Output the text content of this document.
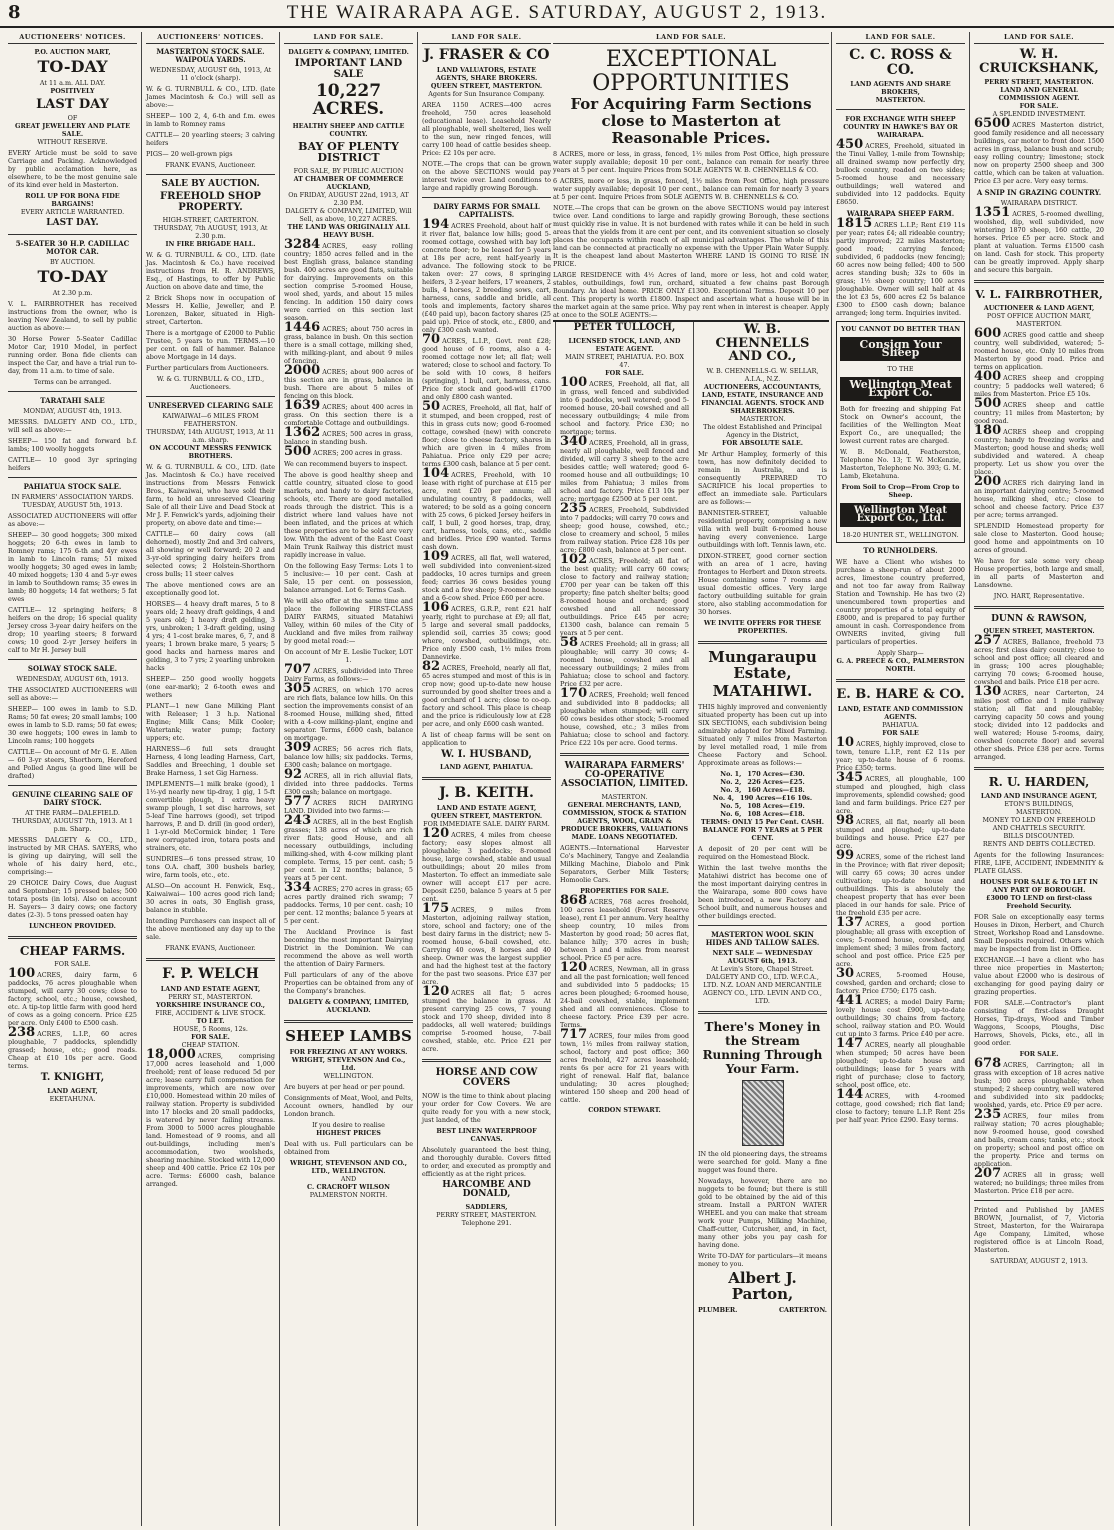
8	THE WAIRARAPA AGE. SATURDAY, AUGUST 2, 1913.
AUCTIONEERS' NOTICES.
P.O. AUCTION MART,
TO-DAY
At 11 a.m. ALL DAY.
POSITIVELY
LAST DAY
OF
GREAT JEWELLERY AND PLATE SALE.
WITHOUT RESERVE.
EVERY Article must be sold to save Carriage and Packing. Acknowledged by public acclamation here, as elsewhere, to be the most genuine sale of its kind ever held in Masterton.
ROLL UP FOR BONA FIDE BARGAINS!
EVERY ARTICLE WARRANTED.
LAST DAY.
5-SEATER 30 H.P. CADILLAC MOTOR CAR.
BY AUCTION.
TO-DAY
At 2.30 p.m.
V. L. FAIRBROTHER has received instructions from the owner, who is leaving New Zealand, to sell by public auction as above:—
30 Horse Power 5-Seater Cadillac Motor Car, 1910 Model, in perfect running order. Bona fide clients can inspect the Car, and have a trial run to-day, from 11 a.m. to time of sale.
Terms can be arranged.
TARATAHI SALE
MONDAY, AUGUST 4th, 1913.
MESSRS. DALGETY AND CO., LTD., will sell as above:—
SHEEP— 150 fat and forward b.f. lambs; 100 woolly hoggets
CATTLE— 10 good 3yr springing heifers
PAHIATUA STOCK SALE.
IN FARMERS' ASSOCIATION YARDS.
TUESDAY, AUGUST 5th, 1913.
ASSOCIATED AUCTIONEERS will offer as above:—
SHEEP— 30 good hoggets; 300 mixed hoggets; 20 6-th ewes in lamb to Romney rams; 175 6-th and 4yr ewes in lamb to Lincoln rams; 51 mixed woolly hoggets; 30 aged ewes in lamb; 40 mixed hoggets; 130 4 and 5-yr ewes in lamb to Southdown rams; 35 ewes in lamb; 80 hoggets; 14 fat wethers; 5 fat ewes
CATTLE— 12 springing heifers; 8 heifers on the drop; 16 special quality Jersey cross 3-year dairy heifers on the drop; 10 yearling steers; 8 forward cows; 10 good 2-yr Jersey heifers in calf to Mr H. Jersey bull
SOLWAY STOCK SALE.
WEDNESDAY, AUGUST 6th, 1913.
THE ASSOCIATED AUCTIONEERS will sell as above:—
SHEEP— 100 ewes in lamb to S.D. Rams; 50 fat ewes; 20 small lambs; 100 ewes in lamb to S.D. rams; 50 fat ewes; 30 ewe hoggets; 100 ewes in lamb to Lincoln rams; 100 hoggets
CATTLE— On account of Mr G. E. Allen— 60 3-yr steers, Shorthorn, Hereford and Polled Angus (a good line will be drafted)
GENUINE CLEARING SALE OF DAIRY STOCK.
AT THE FARM—DALEFIELD.
THURSDAY, AUGUST 7th, 1913. At 1 p.m. Sharp.
MESSRS DALGETY & CO., LTD., instructed by MR CHAS. SAYERS, who is giving up dairying, will sell the whole of his dairy herd, etc., comprising:—
29 CHOICE Dairy Cows, due August and September; 15 pressed bales; 500 totara posts (in lots). Also on account H. Sayers— 3 dairy cows; one factory dates (2-3). 5 tons pressed oaten hay
LUNCHEON PROVIDED.
CHEAP FARMS.
FOR SALE.
100 ACRES, dairy farm, 6 paddocks, 76 acres ploughable when stumped, will carry 30 cows; close to factory, school, etc.; house, cowshed, etc. A tip-top little farm with good herd of cows as a going concern. Price £25 per acre. Only £400 to £500 cash.
238 ACRES, L.I.P., 60 acres ploughable, 7 paddocks, splendidly grassed; house, etc.; good roads. Cheap at £10 10s per acre. Good terms.
T. KNIGHT,
LAND AGENT,
EKETAHUNA.
AUCTIONEERS' NOTICES.
MASTERTON STOCK SALE. WAIPOUA YARDS.
WEDNESDAY, AUGUST 6th, 1913, At 11 o'clock (sharp).
W. & G. TURNBULL & CO., LTD. (late James Macintosh & Co.) will sell as above:—
SHEEP— 100 2, 4, 6-th and f.m. ewes in lamb to Romney rams
CATTLE— 20 yearling steers; 3 calving heifers
PIGS— 20 well-grown pigs
FRANK EVANS, Auctioneer.
SALE BY AUCTION.
FREEHOLD SHOP PROPERTY.
HIGH-STREET, CARTERTON.
THURSDAY, 7th AUGUST, 1913, At 2.30 p.m.
IN FIRE BRIGADE HALL.
W. & G. TURNBULL & CO., LTD. (late Jas. Macintosh & Co.) have received instructions from H. R. ANDREWS, Esq., of Hastings, to offer by Public Auction on above date and time, the
2 Brick Shops now in occupation of Messrs H. Kellie, Jeweller, and P. Lorenzen, Baker, situated in High-street, Carterton.
There is a mortgage of £2000 to Public Trustee, 5 years to run. TERMS.—10 per cent. on fall of hammer. Balance above Mortgage in 14 days.
Further particulars from Auctioneers.
W. & G. TURNBULL & CO., LTD., Auctioneers.
UNRESERVED CLEARING SALE
KAIWAIWAI—6 MILES FROM FEATHERSTON.
THURSDAY, 14th AUGUST, 1913, At 11 a.m. sharp.
ON ACCOUNT MESSRS FENWICK BROTHERS.
W. & G. TURNBULL & CO., LTD. (late Jas. Macintosh & Co.) have received instructions from Messrs Fenwick Bros., Kaiwaiwai, who have sold their farm, to hold an unreserved Clearing Sale of all their Live and Dead Stock at Mr J. F. Fenwick's yards, adjoining their property, on above date and time:—
CATTLE— 60 dairy cows (all dehorned), mostly 2nd and 3rd calvers, all showing or well forward; 20 2 and 3-yr-old springing dairy heifers from selected cows; 2 Holstein-Shorthorn cross bulls; 11 steer calves
The above mentioned cows are an exceptionally good lot.
HORSES— 4 heavy draft mares, 5 to 8 years old; 2 heavy draft geldings, 4 and 5 years old; 1 heavy draft gelding, 3 yrs, unbroken; 1 3-draft gelding, using 4 yrs; 4 1-cost brake mares, 6, 7, and 8 years; 1 brown brake mare, 5 years; 5 good hacks and harness mares and gelding, 3 to 7 yrs; 2 yearling unbroken hacks
SHEEP— 250 good woolly hoggets (one ear-mark); 2 6-tooth ewes and wethers
PLANT—1 new Gane Milking Plant with Releaser; 1 3 h.p. National Engine; Milk Cans; Milk Cooler; Watertank; water pump; factory uppers; etc.
HARNESS—6 full sets draught Harness, 4 long leading Harness, Cart, Saddles and Breeching, 1 double set Brake Harness, 1 set Gig Harness.
IMPLEMENTS—1 milk brake (good), 1 1½-yd nearly new tip-dray, 1 gig, 1 5-ft convertible plough, 1 extra heavy swamp plough, 1 set disc harrows, set 5-leaf Tine harrows (good), set tripod harrows, P. and D. drill (in good order), 1 1-yr-old McCormick binder, 1 Tere new corrugated iron, totara posts and strainers, etc.
SUNDRIES—6 tons pressed straw, 10 tons O.A. chaff, 300 bushels barley, wire, farm tools, etc., etc.
ALSO—On account H. Fenwick, Esq., Kaiwaiwai— 100 acres good rich land; 30 acres in oats, 30 English grass, balance in stubble.
Intending Purchasers can inspect all of the above mentioned any day up to the sale.
FRANK EVANS, Auctioneer.
F. P. WELCH
LAND AND ESTATE AGENT,
PERRY ST., MASTERTON.
YORKSHIRE INSURANCE CO.,
FIRE, ACCIDENT & LIVE STOCK.
TO LET.
HOUSE, 5 Rooms, 12s.
FOR SALE.
CHEAP STATION.
18,000 ACRES, comprising 17,000 acres leasehold and 1,000 freehold; rent of lease reduced 5d per acre; lease carry full compensation for improvements, which are now over £10,000. Homestead within 20 miles of railway station. Property is subdivided into 17 blocks and 20 small paddocks, is watered by never failing streams. From 3000 to 5000 acres ploughable land. Homestead of 9 rooms, and all out-buildings, including men's accommodation, two woolsheds, shearing machine. Stocked with 12,000 sheep and 400 cattle. Price £2 10s per acre. Terms: £6000 cash, balance arranged.
LAND FOR SALE.
DALGETY & COMPANY, LIMITED.
IMPORTANT LAND SALE
10,227 ACRES.
HEALTHY SHEEP AND CATTLE COUNTRY.
BAY OF PLENTY DISTRICT
FOR SALE, BY PUBLIC AUCTION
AT CHAMBER OF COMMERCE AUCKLAND,
On FRIDAY, AUGUST 22nd, 1913, AT 2.30 P.M.
DALGETY & COMPANY, LIMITED, Will Sell, as above, 10,227 ACRES.
THE LAND WAS ORIGINALLY ALL HEAVY BUSH.
3284 ACRES, easy rolling country; 1850 acres felled and in the best English grass, balance standing bush. 400 acres are good flats, suitable for dairying. Improvements on this section comprise 5-roomed House, wool shed, yards, and about 15 miles fencing. In addition 150 dairy cows were carried on this section last season.
1446 ACRES; about 750 acres in grass, balance in bush. On this section there is a small cottage, milking shed, with milking-plant, and about 9 miles of fencing.
2000 ACRES; about 900 acres of this section are in grass, balance in bush. There are about 5 miles of fencing on this block.
1639 ACRES; about 400 acres in grass. On this section there is a comfortable Cottage and outbuildings.
1362 ACRES; 500 acres in grass, balance in standing bush.
500 ACRES; 200 acres in grass.
We can recommend buyers to inspect.
The above is good healthy sheep and cattle country, situated close to good markets, and handy to dairy factories, schools, etc. There are good metalled roads through the district. This is a district where land values have not been inflated, and the prices at which these properties are to be sold are very low. With the advent of the East Coast Main Trunk Railway this district must rapidly increase in value.
On the following Easy Terms: Lots 1 to 5 inclusive:— 10 per cent. Cash at Sale, 15 per cent. on possession, balance arranged. Lot 6: Terms Cash.
We will also offer at the same time and place the following FIRST-CLASS DAIRY FARMS, situated Matahiwi Valley, within 60 miles of the City of Auckland and five miles from railway by good metal road:—
On account of Mr E. Leslie Tucker, LOT 1.
707 ACRES, subdivided into Three Dairy Farms, as follows:—
305 ACRES, on which 170 acres are rich flats, balance low hills. On this section the improvements consist of an 8-roomed House, milking shed, fitted with a 4-cow milking-plant, engine and separator. Terms, £600 cash, balance on mortgage.
309 ACRES; 56 acres rich flats, balance low hills; six paddocks. Terms, £300 cash; balance on mortgage.
92 ACRES, all in rich alluvial flats, divided into three paddocks. Terms £300 cash; balance on mortgage.
577 ACRES RICH DAIRYING LAND. Divided into two farms:—
243 ACRES, all in the best English grasses; 138 acres of which are rich river flats; good House, and all necessary outbuildings, including milking-shed, with 4-cow milking plant complete. Terms, 15 per cent. cash; 5 per cent. in 12 months; balance, 5 years at 5 per cent.
334 ACRES; 270 acres in grass; 65 acres partly drained rich swamp; 7 paddocks. Terms, 10 per cent. cash; 10 per cent. 12 months; balance 5 years at 5 per cent.
The Auckland Province is fast becoming the most important Dairying District in the Dominion. We can recommend the above as well worth the attention of Dairy Farmers.
Full particulars of any of the above Properties can be obtained from any of the Company's branches.
DALGETY & COMPANY, LIMITED, AUCKLAND.
SHEEP LAMBS
FOR FREEZING AT ANY WORKS.
WRIGHT, STEVENSON And Co., Ltd.
WELLINGTON.
Are buyers at per head or per pound.
Consignments of Meat, Wool, and Pelts, Account owners, handled by our London branch.
If you desire to realise
HIGHEST PRICES
Deal with us. Full particulars can be obtained from
WRIGHT, STEVENSON AND CO., LTD., WELLINGTON.
AND
C. CRACROFT WILSON
PALMERSTON NORTH.
LAND FOR SALE.
J. FRASER & CO
LAND VALUATORS, ESTATE AGENTS, SHARE BROKERS.
QUEEN STREET, MASTERTON.
Agents for Sun Insurance Company.
AREA 1150 ACRES—400 acres freehold, 750 acres leasehold (educational lease). Leasehold Nearly all ploughable, well sheltered, lies well to the sun, new ringed fences, will carry 100 head of cattle besides sheep. Price: £2 10s per acre.
NOTE.—The crops that can be grown on the above SECTIONS would pay interest twice over. Land conditions to large and rapidly growing Borough.
DAIRY FARMS FOR SMALL CAPITALISTS.
194 ACRES Freehold, about half of it river flat, balance low hills; good 5-roomed cottage, cowshed with bay loft concrete floor; to be leased for 5 years at 18s per acre, rent half-yearly in advance. The following stock to be taken over: 27 cows, 8 springing heifers, 3 2-year heifers, 17 weaners, 2 bulls, 4 horses, 2 breeding sows, cart, harness, cans, saddle and bridle, all tools and implements, factory shares (£40 paid up), bacon factory shares (25 paid up). Price of stock, etc., £800, and only £300 cash wanted.
70 ACRES, L.I.P., Govt. rent £28; good house of 6 rooms, also a 4-roomed cottage now let; all flat; well watered; close to school and factory. To be sold with 10 cows, 8 heifers (springing), 1 bull, cart, harness, cans. Price for stock and good-will £1700 and only £800 cash wanted.
50 ACRES, Freehold, all flat, half of it stumped, and been cropped, rest of this in grass cuts now; good 6-roomed cottage, cowshed (new) with concrete floor; close to cheese factory, shares in which are given in 4 miles from Pahiatua. Price only £29 per acre; terms £300 cash, balance at 5 per cent.
104 ACRES, Freehold, with 10 lease with right of purchase at £15 per acre, rent £20 per annum; all undulating country, 8 paddocks, well watered; to be sold as a going concern with 25 cows, 6 picked Jersey heifers in calf, 1 bull, 2 good horses, trap, dray, cart, harness, tools, cans, etc., saddle and bridles. Price £90 wanted. Terms cash down.
109 ACRES, all flat, well watered, well subdivided into convenient-sized paddocks, 10 acres turnips and green feed; carries 36 cows besides young stock and a few sheep; 9-roomed house and a 6-cow shed. Price £60 per acre.
106 ACRES, G.R.P., rent £21 half yearly, right to purchase at £9; all flat, 5 large and several small paddocks, splendid soil, carries 35 cows; good where, cowshed, outbuildings, etc. Price only £500 cash, 1½ miles from Dannevirke.
82 ACRES, Freehold, nearly all flat, 65 acres stumped and most of this is in crop now; good up-to-date new house surrounded by good shelter trees and a good orchard of 1 acre; close to co-op. factory and school. This place is cheap and the price is ridiculously low at £28 per acre, and only £600 cash wanted.
A list of cheap farms will be sent on application to
W. I. HUSBAND,
LAND AGENT, PAHIATUA.
J. B. KEITH.
LAND AND ESTATE AGENT,
QUEEN STREET, MASTERTON.
FOR IMMEDIATE SALE. DAIRY FARM.
120 ACRES, 4 miles from cheese factory; easy slopes almost all ploughable; 3 paddocks; 8-roomed house, large cowshed, stable and usual outbuildings; about 20 miles from Masterton. To effect an immediate sale owner will accept £17 per acre. Deposit £250, balance 5 years at 5 per cent.
175 ACRES, 9 miles from Masterton, adjoining railway station, store, school and factory; one of the best dairy farms in the district; new 5-roomed house, 6-bail cowshed, etc. Carrying 40 cows, 8 horses and 40 sheep. Owner was the largest supplier and had the highest test at the factory for the past two seasons. Price £37 per acre.
120 ACRES all flat; 5 acres stumped the balance in grass. At present carrying 25 cows, 7 young stock and 170 sheep, divided into 8 paddocks, all well watered; buildings comprise 5-roomed house, 7-bail cowshed, stable, etc. Price £21 per acre.
HORSE AND COW COVERS
NOW is the time to think about placing your order for Cow Covers. We are quite ready for you with a new stock, just landed, of the
BEST LINEN WATERPROOF CANVAS.
Absolutely guaranteed the best thing, and thoroughly durable. Covers fitted to order, and executed as promptly and efficiently as at the right prices.
HARCOMBE AND DONALD,
SADDLERS,
PERRY STREET, MASTERTON.
Telephone 291.
PETER TULLOCH,
LICENSED STOCK, LAND, AND ESTATE AGENT.
MAIN STREET, PAHIATUA. P.O. BOX 47.
FOR SALE.
100 ACRES, Freehold, all flat, all in grass, well fenced and subdivided into 6 paddocks, well watered; good 5-roomed house, 20-bail cowshed and all necessary outbuildings; 4 mile from school and factory. Price £30; no mortgage; terms.
340 ACRES, Freehold, all in grass, nearly all ploughable, well fenced and divided, will carry 3 sheep to the acre besides cattle; well watered; good 6-roomed house and all outbuildings; 10 miles from Pahiatua; 3 miles from school and factory. Price £13 10s per acre; mortgage £2500 at 5 per cent.
235 ACRES, Freehold, Subdivided into 7 paddocks; will carry 70 cows and sheep; good house, cowshed, etc.; close to creamery and school, 5 miles from railway station. Price £28 10s per acre; £800 cash, balance at 5 per cent.
102 ACRES, Freehold; all flat of the best quality; will carry 60 cows; close to factory and railway station; £700 per year can be taken off this property; fine patch shelter belts; good 8-roomed house and orchard; good cowshed and all necessary outbuildings. Price £45 per acre; £1300 cash, balance can remain 5 years at 5 per cent.
58 ACRES Freehold; all in grass; all ploughable; will carry 30 cows; 4-roomed house, cowshed and all necessary outbuildings; 2 miles from Pahiatua; close to school and factory. Price £32 per acre.
170 ACRES, Freehold; well fenced and subdivided into 8 paddocks; all ploughable when stumped; will carry 60 cows besides other stock; 5-roomed house, cowshed, etc.; 3 miles from Pahiatua; close to school and factory. Price £22 10s per acre. Good terms.
WAIRARAPA FARMERS' CO-OPERATIVE ASSOCIATION, LIMITED.
MASTERTON.
GENERAL MERCHANTS, LAND, COMMISSION, STOCK & STATION AGENTS, WOOL, GRAIN & PRODUCE BROKERS, VALUATIONS MADE. LOANS NEGOTIATED.
AGENTS.—International Harvester Co's Machinery, Tangye and Zealandia Milking Machine, Diabolo and Pink Separators, Gerber Milk Testers; Homoolie Cars.
PROPERTIES FOR SALE.
868 ACRES, 768 acres freehold, 100 acres leasehold (Forest Reserve lease), rent £1 per annum. Very healthy sheep country, 10 miles from Masterton by good road; 50 acres flat, balance hilly; 370 acres in bush; between 3 and 4 miles from nearest school. Price £5 per acre.
120 ACRES, Newman, all in grass and all the past fornication; well fenced and subdivided into 5 paddocks; 15 acres been ploughed; 6-roomed house, 24-bail cowshed, stable, implement shed and all conveniences. Close to cheese factory. Price £39 per acre. Terms.
717 ACRES, four miles from good town, 1½ miles from railway station, school, factory and post office; 360 acres freehold, 427 acres leasehold; rents 6s per acre for 21 years with right of renewal. Half flat, balance undulating; 30 acres ploughed; wintered 150 sheep and 200 head of cattle.
CORDON STEWART.
W. B. CHENNELLS AND CO.,
W. B. CHENNELLS-G. W. SELLAR, A.I.A., N.Z.
AUCTIONEERS, ACCOUNTANTS, LAND, ESTATE, INSURANCE AND FINANCIAL AGENTS. STOCK AND SHAREBROKERS.
MASTERTON.
The oldest Established and Principal Agency in the District,
FOR ABSOLUTE SALE.
Mr Arthur Hampley, formerly of this town, has now definitely decided to remain in Australia, and is consequently PREPARED TO SACRIFICE his local properties to effect an immediate sale. Particulars are as follows:—
BANNISTER-STREET, valuable residential property, comprising a new villa with well built 6-roomed house having every convenience. Large outbuildings with loft. Tennis lawn, etc.
DIXON-STREET, good corner section with an area of 1 acre, having frontages to Herbert and Dixon streets. House containing some 7 rooms and usual domestic offices. Very large factory outbuilding suitable for grain store, also stabling accommodation for 30 horses.
WE INVITE OFFERS FOR THESE PROPERTIES.
Mungaraupu Estate,
MATAHIWI.
THIS highly improved and conveniently situated property has been cut up into SIX SECTIONS, each subdivision being admirably adapted for Mixed Farming. Situated only 7 miles from Masterton by level metalled road, 1 mile from Cheese Factory and School. Approximate areas as follows:—
No. 1, 170 Acres—£30.
No. 2, 226 Acres—£25.
No. 3, 160 Acres—£18.
No. 4, 190 Acres—£16 10s.
No. 5, 108 Acres—£19.
No. 6, 108 Acres—£18.
TERMS: ONLY 15 Per Cent. CASH.
BALANCE FOR 7 YEARS at 5 PER CENT.
A deposit of 20 per cent will be required on the Homestead Block.
Within the last twelve months the Matahiwi district has become one of the most important dairying centres in the Wairarapa, some 800 cows have been introduced, a new Factory and School built, and numerous houses and other buildings erected.
MASTERTON WOOL SKIN HIDES AND TALLOW SALES.
NEXT SALE — WEDNESDAY AUGUST 6th, 1913.
At Levin's Store, Chapel Street.
DALGETY AND CO., LTD. W.F.C.A., LTD. N.Z. LOAN AND MERCANTILE AGENCY CO., LTD. LEVIN AND CO., LTD.
There's Money in the Stream Running Through Your Farm.
IN the old pioneering days, the streams were searched for gold. Many a fine nugget was found there.
Nowadays, however, there are no nuggets to be found; but there is still gold to be obtained by the aid of this stream. Install a PARTON WATER WHEEL and you can make that stream work your Pumps, Milking Machine, Chaff-cutter, Cutcrusher, and, in fact, many other jobs you pay cash for having done.
Write TO-DAY for particulars—it means money to you.
Albert J. Parton,
PLUMBER.	CARTERTON.
LAND FOR SALE.
C. C. ROSS & CO.
LAND AGENTS AND SHARE BROKERS,
MASTERTON.
FOR EXCHANGE WITH SHEEP COUNTRY IN HAWKE'S BAY OR WAIRARAPA.
450 ACRES, Freehold, situated in the Tinui Valley, 1-mile from Township; all drained swamp now perfectly dry, bullock country, roaded on two sides; 5-roomed house and necessary outbuildings; well watered and subdivided into 12 paddocks. Equity £8650.
WAIRARAPA SHEEP FARM.
1815 ACRES L.I.P.; Rent £19 11s per year; rates £4; all rideable country; partly improved; 22 miles Masterton; good road; carrying fenced; subdivided, 6 paddocks (new fencing); 60 acres now being felled; 400 to 500 acres standing bush; 32s to 60s in grass; 1½ sheep country; 100 acres ploughable. Owner will sell half at 4s the lot £3 5s, 600 acres £2 5s balance £300 to £500 cash down; balance arranged; long term. Inquiries invited.
YOU CANNOT DO BETTER THAN
Consign Your Sheep
TO THE
Wellington Meat Export Co.
Both for freezing and shipping Fat Stock on Owner's account, the facilities of the Wellington Meat Export Co., are unequalled; the lowest current rates are charged.
W. B. McDonald, Featherston, Telephone No. 13; T. W. McKenzie, Masterton, Telephone No. 393; G. M. Lamb, Eketahuna.
From Soil to Crop—From Crop to Sheep.
Wellington Meat Export Co., Ltd.
18-20 HUNTER ST., WELLINGTON.
TO RUNHOLDERS.
WE have a Client who wishes to purchase a sheep-run of about 2000 acres, limestone country preferred, and not too far away from Railway Station and Township. He has two (2) unencumbered town properties and country properties of a total equity of £8000, and is prepared to pay further amount in cash. Correspondence from OWNERS invited, giving full particulars of properties.
Apply Sharp—
G. A. PREECE & CO., PALMERSTON NORTH.
E. B. HARE & CO.
LAND, ESTATE AND COMMISSION AGENTS.
PAHIATUA.
FOR SALE
10 ACRES, highly improved, close to town, tenure L.I.P., rent £2 11s per year; up-to-date house of 6 rooms. Price £350; terms.
345 ACRES, all ploughable, 100 stumped and ploughed, high class improvements, splendid cowshed; good land and farm buildings. Price £27 per acre.
98 ACRES, all flat, nearly all been stumped and ploughed; up-to-date buildings and house. Price £27 per acre.
99 ACRES, some of the richest land in the Province; with flat river deposit; will carry 65 cows; 30 acres under cultivation; up-to-date house and outbuildings. This is absolutely the cheapest property that has ever been placed in our hands for sale. Price of the freehold £35 per acre.
137 ACRES, a good portion ploughable; all grass with exception of cows; 5-roomed house, cowshed, and implement shed; 3 miles from factory, school and post office. Price £25 per acre.
30 ACRES, 5-roomed House, cowshed, garden and orchard; close to factory. Price £750; £175 cash.
441 ACRES; a model Dairy Farm; lovely house cost £900, up-to-date outbuildings; 30 chains from factory, school, railway station and P.O. Would cut up into 3 farms. Price £40 per acre.
147 ACRES, nearly all ploughable when stumped; 50 acres have been ploughed; up-to-date house and outbuildings; lease for 5 years with right of purchase; close to factory, school, post office, etc.
144 ACRES, with 4-roomed cottage, good cowshed; rich flat land; close to factory; tenure L.I.P. Rent 25s per half year. Price £290. Easy terms.
LAND FOR SALE.
W. H. CRUICKSHANK,
PERRY STREET, MASTERTON.
LAND AND GENERAL COMMISSION AGENT.
FOR SALE.
A SPLENDID INVESTMENT.
6500 ACRES Masterton district, good family residence and all necessary buildings, car motor to front door. 1500 acres in grass, balance bush and scrub; easy rolling country; limestone; stock now on property 2500 sheep and 300 cattle, which can be taken at valuation. Price £3 per acre. Very easy terms.
A SNIP IN GRAZING COUNTRY.
WAIRARAPA DISTRICT.
1351 ACRES, 5-roomed dwelling, woolshed, dip, well subdivided, now wintering 1870 sheep, 160 cattle, 20 horses. Price £5 per acre. Stock and plant at valuation. Terms £1500 cash on land. Cash for stock. This property can be greatly improved. Apply sharp and secure this bargain.
V. L. FAIRBROTHER,
AUCTIONEER & LAND AGENT,
POST OFFICE AUCTION MART, MASTERTON.
600 ACRES good cattle and sheep country, well subdivided, watered; 5-roomed house, etc. Only 10 miles from Masterton by good road. Price and terms on application.
400 ACRES sheep and cropping country; 5 paddocks well watered; 6 miles from Masterton. Price £5 10s.
500 ACRES sheep and cattle country; 11 miles from Masterton; by good road.
180 ACRES sheep and cropping country; handy to freezing works and Masterton; good house and sheds; well subdivided and watered. A cheap property. Let us show you over the place.
200 ACRES rich dairying land in an important dairying centre; 5-roomed house, milking shed, etc.; close to school and cheese factory. Price £37 per acre; terms arranged.
SPLENDID Homestead property for sale close to Masterton. Good house; good home and appointments on 10 acres of ground.
We have for sale some very cheap House properties, both large and small, in all parts of Masterton and Lansdowne.
JNO. HART, Representative.
DUNN & RAWSON,
QUEEN STREET, MASTERTON.
257 ACRES, Ballance, freehold 73 acres; first class dairy country; close to school and post office; all cleared and in grass; 100 acres ploughable; carrying 70 cows; 6-roomed house, cowshed and bails. Price £18 per acre.
130 ACRES, near Carterton, 24 miles post office and 1 mile railway station; all flat and ploughable; carrying capacity 50 cows and young stock; divided into 12 paddocks and well watered; House 5-rooms, dairy, cowshed (concrete floor) and several other sheds. Price £38 per acre. Terms arranged.
R. U. HARDEN,
LAND AND INSURANCE AGENT,
ETON'S BUILDINGS,
MASTERTON.
MONEY TO LEND ON FREEHOLD AND CHATTELS SECURITY.
BILLS DISCOUNTED.
RENTS AND DEBTS COLLECTED.
Agents for the following Insurances: FIRE, LIFE, ACCIDENT, INDEMNITY & PLATE GLASS.
HOUSES FOR SALE & TO LET IN ANY PART OF BOROUGH.
£3000 TO LEND on first-class Freehold Security.
FOR Sale on exceptionally easy terms Houses in Dixon, Herbert, and Church Street, Workshop Road and Lansdowne. Small Deposits required. Others which may be inspected from list in Office.
EXCHANGE.—I have a client who has three nice properties in Masterton; value about £2000 who is desirous of exchanging for good paying dairy or grazing properties.
FOR SALE.—Contractor's plant consisting of first-class Draught Horses, Tip-drays, Wood and Timber Waggons, Scoops, Ploughs, Disc Harrows, Shovels, Picks, etc., all in good order.
FOR SALE.
678 ACRES, Carrington; all in grass with exception of 18 acres native bush; 300 acres ploughable; when stumped; 2 sheep country, well watered and subdivided into six paddocks; woolshed, yards, etc. Price £9 per acre.
235 ACRES, four miles from railway station; 70 acres ploughable; now 9-roomed house, good cowshed and bails, cream cans; tanks, etc.; stock on property; school and post office on the property. Price and terms on application.
207 ACRES all in grass; well watered; no buildings; three miles from Masterton. Price £18 per acre.
Printed and Published by JAMES BROWN, Journalist, of 7, Victoria Street, Masterton, for the Wairarapa Age Company, Limited, whose registered office is at Lincoln Road, Masterton.
SATURDAY, AUGUST 2, 1913.
LAND FOR SALE.
EXCEPTIONAL OPPORTUNITIES
For Acquiring Farm Sections close to Masterton at Reasonable Prices.
8 ACRES, more or less, in grass, fenced, 1½ miles from Post Office, high pressure water supply available; deposit 10 per cent., balance can remain for nearly three years at 5 per cent. Inquire Prices from SOLE AGENTS W. B. CHENNELLS & CO.
6 ACRES, more or less, in grass, fenced, 1½ miles from Post Office, high pressure water supply available; deposit 10 per cent., balance can remain for nearly 3 years at 5 per cent. Inquire Prices from SOLE AGENTS W. B. CHENNELLS & CO.
NOTE.—The crops that can be grown on the above SECTIONS would pay interest twice over. Land conditions to large and rapidly growing Borough, these sections must quickly rise in value. It is not burdened with rates while it can be held in such areas that the yields from it are cent per cent, and its convenient situation so closely places the occupants within reach of all municipal advantages. The whole of this land can be connected at practically no expense with the Upper Plain Water Supply. It is the cheapest land about Masterton WHERE LAND IS GOING TO RISE IN PRICE.
LARGE RESIDENCE with 4½ Acres of land, more or less, hot and cold water, stables, outbuildings, fowl run, orchard, situated a few chains past Borough Boundary. An ideal home. PRICE ONLY £1300. Exceptional Terms. Deposit 10 per cent. This property is worth £1800. Inspect and ascertain what a house will be in the market again at the same price. Why pay rent when in interest is cheaper. Apply at once to the SOLE AGENTS:—
